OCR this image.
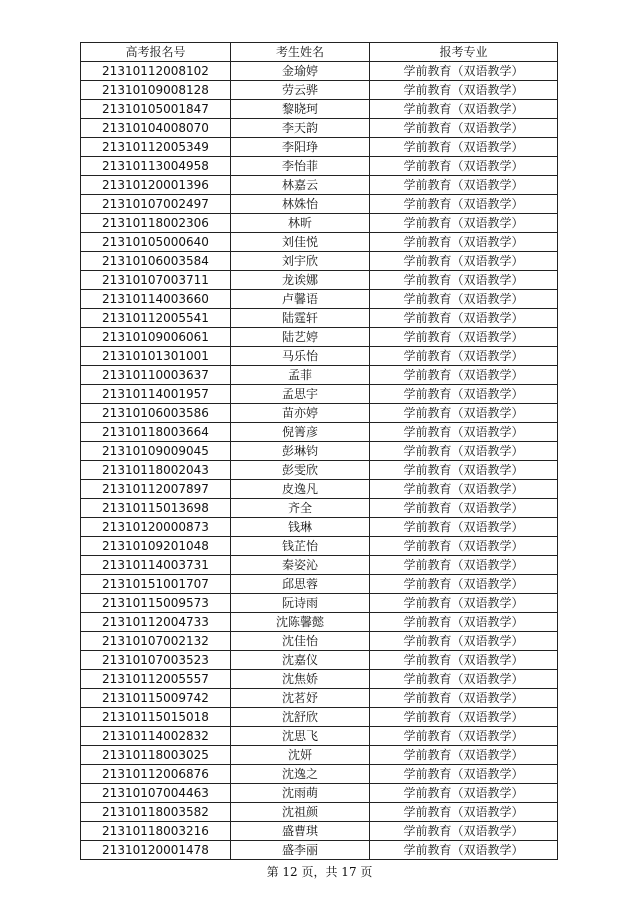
高考报名号	考生姓名	报考专业
21310112008102	金瑜婷	学前教育（双语教学）
21310109008128	劳云骅	学前教育（双语教学）
21310105001847	黎晓珂	学前教育（双语教学）
21310104008070	李天韵	学前教育（双语教学）
21310112005349	李阳琤	学前教育（双语教学）
21310113004958	李怡菲	学前教育（双语教学）
21310120001396	林嘉云	学前教育（双语教学）
21310107002497	林姝怡	学前教育（双语教学）
21310118002306	林昕	学前教育（双语教学）
21310105000640	刘佳悦	学前教育（双语教学）
21310106003584	刘宇欣	学前教育（双语教学）
21310107003711	龙诶娜	学前教育（双语教学）
21310114003660	卢馨语	学前教育（双语教学）
21310112005541	陆霆轩	学前教育（双语教学）
21310109006061	陆艺婷	学前教育（双语教学）
21310101301001	马乐怡	学前教育（双语教学）
21310110003637	孟菲	学前教育（双语教学）
21310114001957	孟思宇	学前教育（双语教学）
21310106003586	苗亦婷	学前教育（双语教学）
21310118003664	倪箐彦	学前教育（双语教学）
21310109009045	彭琳钧	学前教育（双语教学）
21310118002043	彭雯欣	学前教育（双语教学）
21310112007897	皮逸凡	学前教育（双语教学）
21310115013698	齐全	学前教育（双语教学）
21310120000873	钱琳	学前教育（双语教学）
21310109201048	钱芷怡	学前教育（双语教学）
21310114003731	秦姿沁	学前教育（双语教学）
21310151001707	邱思蓉	学前教育（双语教学）
21310115009573	阮诗雨	学前教育（双语教学）
21310112004733	沈陈馨懿	学前教育（双语教学）
21310107002132	沈佳怡	学前教育（双语教学）
21310107003523	沈嘉仪	学前教育（双语教学）
21310112005557	沈焦娇	学前教育（双语教学）
21310115009742	沈茗妤	学前教育（双语教学）
21310115015018	沈舒欣	学前教育（双语教学）
21310114002832	沈思飞	学前教育（双语教学）
21310118003025	沈妍	学前教育（双语教学）
21310112006876	沈逸之	学前教育（双语教学）
21310107004463	沈雨萌	学前教育（双语教学）
21310118003582	沈祖颜	学前教育（双语教学）
21310118003216	盛曹琪	学前教育（双语教学）
21310120001478	盛李丽	学前教育（双语教学）
第 12 页，共 17 页
